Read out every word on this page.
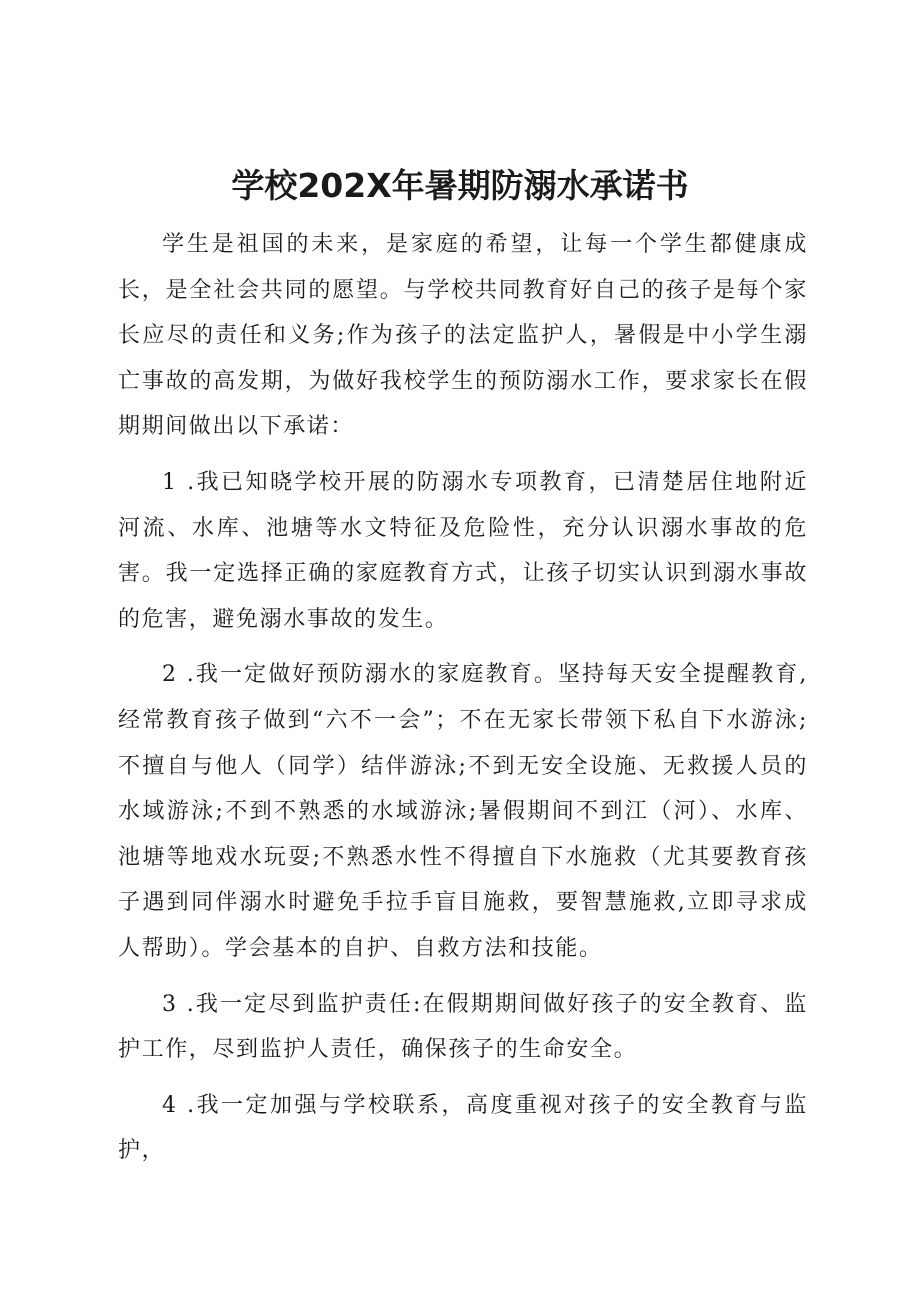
学校202X年暑期防溺水承诺书

学生是祖国的未来，是家庭的希望，让每一个学生都健康成长，是全社会共同的愿望。与学校共同教育好自己的孩子是每个家长应尽的责任和义务;作为孩子的法定监护人，暑假是中小学生溺亡事故的高发期，为做好我校学生的预防溺水工作，要求家长在假期期间做出以下承诺：

1 .我已知晓学校开展的防溺水专项教育，已清楚居住地附近河流、水库、池塘等水文特征及危险性，充分认识溺水事故的危害。我一定选择正确的家庭教育方式，让孩子切实认识到溺水事故的危害，避免溺水事故的发生。

2 .我一定做好预防溺水的家庭教育。坚持每天安全提醒教育,经常教育孩子做到“六不一会”；不在无家长带领下私自下水游泳;不擅自与他人（同学）结伴游泳;不到无安全设施、无救援人员的水域游泳;不到不熟悉的水域游泳;暑假期间不到江（河）、水库、池塘等地戏水玩耍;不熟悉水性不得擅自下水施救（尤其要教育孩子遇到同伴溺水时避免手拉手盲目施救，要智慧施救,立即寻求成人帮助）。学会基本的自护、自救方法和技能。

3 .我一定尽到监护责任:在假期期间做好孩子的安全教育、监护工作，尽到监护人责任，确保孩子的生命安全。

4 .我一定加强与学校联系，高度重视对孩子的安全教育与监护，
